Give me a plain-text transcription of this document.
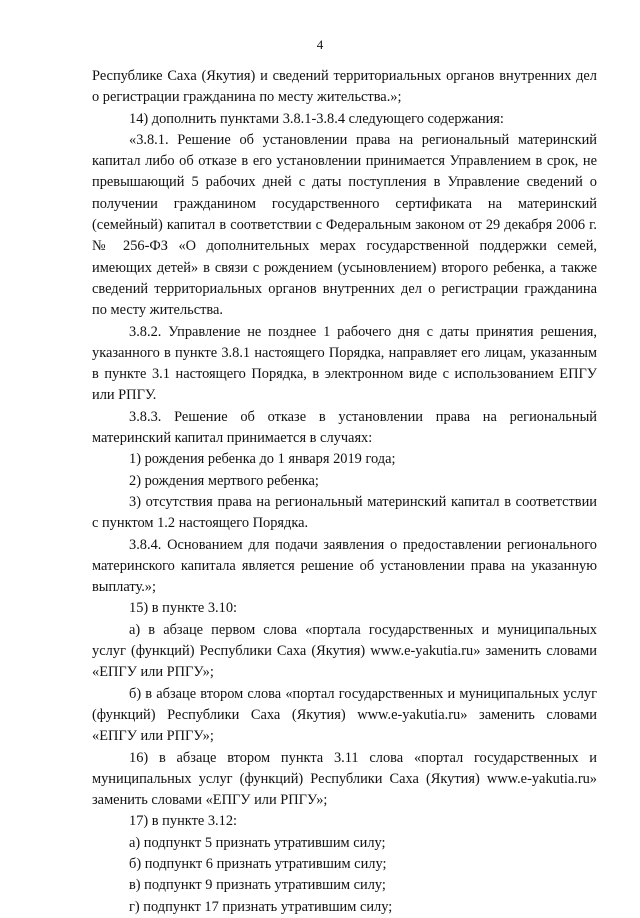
4

Республике Саха (Якутия) и сведений территориальных органов внутренних дел о регистрации гражданина по месту жительства.»;

14) дополнить пунктами 3.8.1-3.8.4 следующего содержания:

«3.8.1. Решение об установлении права на региональный материнский капитал либо об отказе в его установлении принимается Управлением в срок, не превышающий 5 рабочих дней с даты поступления в Управление сведений о получении гражданином государственного сертификата на материнский (семейный) капитал в соответствии с Федеральным законом от 29 декабря 2006 г. № 256-ФЗ «О дополнительных мерах государственной поддержки семей, имеющих детей» в связи с рождением (усыновлением) второго ребенка, а также сведений территориальных органов внутренних дел о регистрации гражданина по месту жительства.

3.8.2. Управление не позднее 1 рабочего дня с даты принятия решения, указанного в пункте 3.8.1 настоящего Порядка, направляет его лицам, указанным в пункте 3.1 настоящего Порядка, в электронном виде с использованием ЕПГУ или РПГУ.

3.8.3. Решение об отказе в установлении права на региональный материнский капитал принимается в случаях:

1) рождения ребенка до 1 января 2019 года;

2) рождения мертвого ребенка;

3) отсутствия права на региональный материнский капитал в соответствии с пунктом 1.2 настоящего Порядка.

3.8.4. Основанием для подачи заявления о предоставлении регионального материнского капитала является решение об установлении права на указанную выплату.»;

15) в пункте 3.10:

а) в абзаце первом слова «портала государственных и муниципальных услуг (функций) Республики Саха (Якутия) www.e-yakutia.ru» заменить словами «ЕПГУ или РПГУ»;

б) в абзаце втором слова «портал государственных и муниципальных услуг (функций) Республики Саха (Якутия) www.e-yakutia.ru» заменить словами «ЕПГУ или РПГУ»;

16) в абзаце втором пункта 3.11 слова «портал государственных и муниципальных услуг (функций) Республики Саха (Якутия) www.e-yakutia.ru» заменить словами «ЕПГУ или РПГУ»;

17) в пункте 3.12:

а) подпункт 5 признать утратившим силу;

б) подпункт 6 признать утратившим силу;

в) подпункт 9 признать утратившим силу;

г) подпункт 17 признать утратившим силу;
